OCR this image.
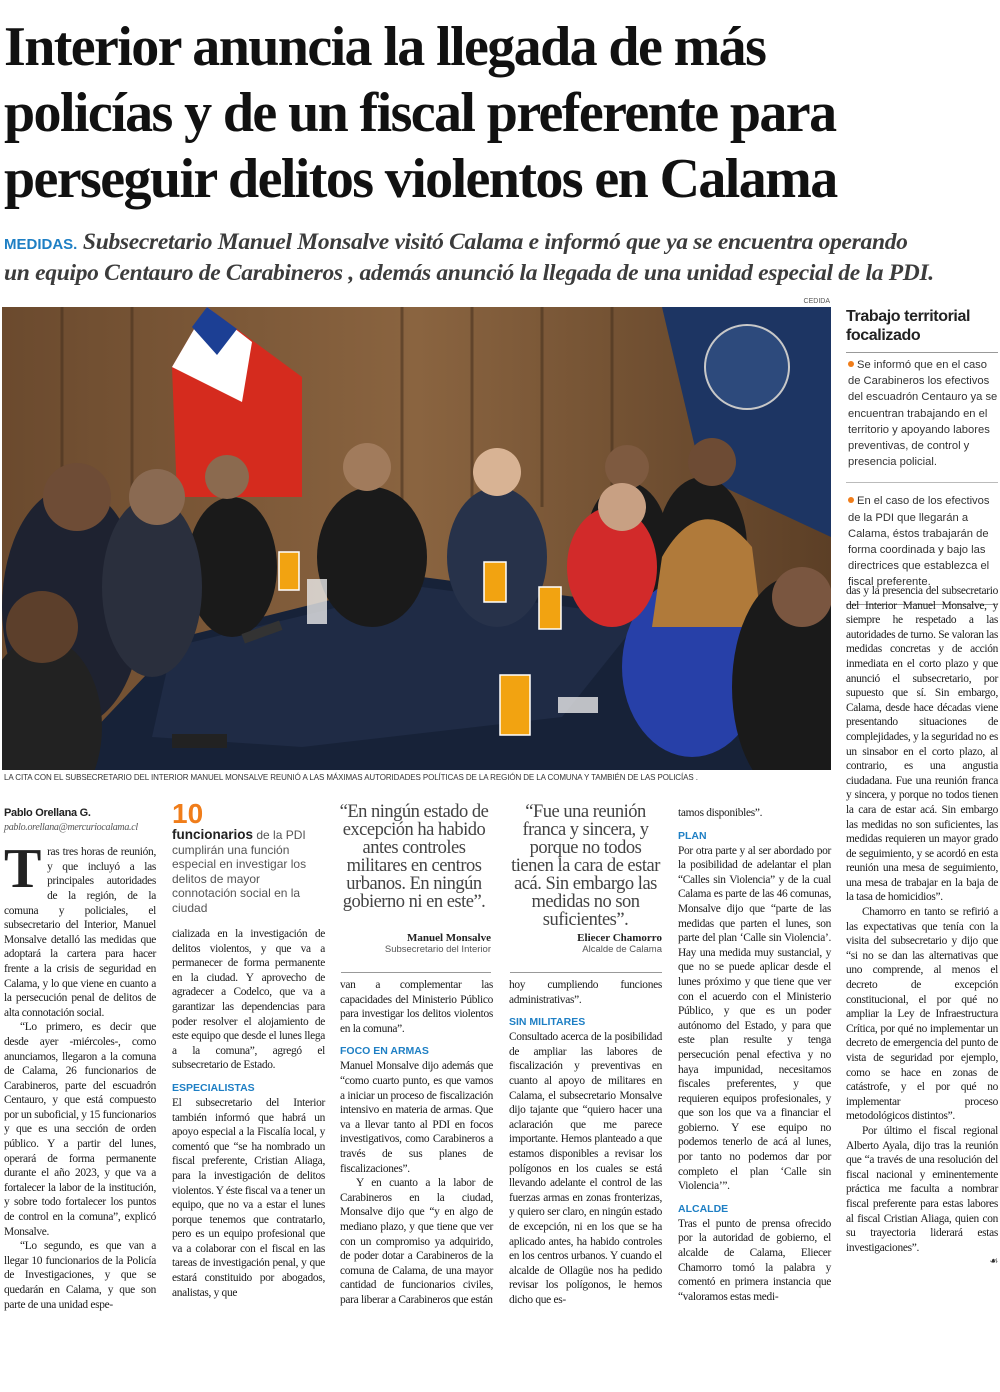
Interior anuncia la llegada de más
policías y de un fiscal preferente para
perseguir delitos violentos en Calama
MEDIDAS. Subsecretario Manuel Monsalve visitó Calama e informó que ya se encuentra operando
un equipo Centauro de Carabineros , además anunció la llegada de una unidad especial de la PDI.
CEDIDA
LA CITA CON EL SUBSECRETARIO DEL INTERIOR MANUEL MONSALVE REUNIÓ A LAS MÁXIMAS AUTORIDADES POLÍTICAS DE LA REGIÓN DE LA COMUNA Y TAMBIÉN DE LAS POLICÍAS .
Trabajo territorial focalizado
Se informó que en el caso de Carabineros los efectivos del escuadrón Centauro ya se encuentran trabajando en el territorio y apoyando labores preventivas, de control y presencia policial.
En el caso de los efectivos de la PDI que llegarán a Calama, éstos trabajarán de forma coordinada y bajo las directrices que establezca el fiscal preferente.
Pablo Orellana G.
pablo.orellana@mercuriocalama.cl

Tras tres horas de reunión, y que incluyó a las principales autoridades de la región, de la comuna y policiales, el subsecretario del Interior, Manuel Monsalve detalló las medidas que adoptará la cartera para hacer frente a la crisis de seguridad en Calama, y lo que viene en cuanto a la persecución penal de delitos de alta connotación social.

“Lo primero, es decir que desde ayer -miércoles-, como anunciamos, llegaron a la comuna de Calama, 26 funcionarios de Carabineros, parte del escuadrón Centauro, y que está compuesto por un suboficial, y 15 funcionarios y que es una sección de orden público. Y a partir del lunes, operará de forma permanente durante el año 2023, y que va a fortalecer la labor de la institución, y sobre todo fortalecer los puntos de control en la comuna”, explicó Monsalve.

“Lo segundo, es que van a llegar 10 funcionarios de la Policía de Investigaciones, y que se quedarán en Calama, y que son parte de una unidad espe-

10
funcionarios de la PDI cumplirán una función especial en investigar los delitos de mayor connotación social en la ciudad

cializada en la investigación de delitos violentos, y que va a permanecer de forma permanente en la ciudad. Y aprovecho de agradecer a Codelco, que va a garantizar las dependencias para poder resolver el alojamiento de este equipo que desde el lunes llega a la comuna”, agregó el subsecretario de Estado.

ESPECIALISTAS

El subsecretario del Interior también informó que habrá un apoyo especial a la Fiscalía local, y comentó que “se ha nombrado un fiscal preferente, Cristian Aliaga, para la investigación de delitos violentos. Y éste fiscal va a tener un equipo, que no va a estar el lunes porque tenemos que contratarlo, pero es un equipo profesional que va a colaborar con el fiscal en las tareas de investigación penal, y que estará constituido por abogados, analistas, y que

“En ningún estado de excepción ha habido antes controles militares en centros urbanos. En ningún gobierno ni en este”.
Manuel Monsalve
Subsecretario del Interior

van a complementar las capacidades del Ministerio Público para investigar los delitos violentos en la comuna”.

FOCO EN ARMAS

Manuel Monsalve dijo además que “como cuarto punto, es que vamos a iniciar un proceso de fiscalización intensivo en materia de armas. Que va a llevar tanto al PDI en focos investigativos, como Carabineros a través de sus planes de fiscalizaciones”.

Y en cuanto a la labor de Carabineros en la ciudad, Monsalve dijo que “y en algo de mediano plazo, y que tiene que ver con un compromiso ya adquirido, de poder dotar a Carabineros de la comuna de Calama, de una mayor cantidad de funcionarios civiles, para liberar a Carabineros que están

“Fue una reunión franca y sincera, y porque no todos tienen la cara de estar acá. Sin embargo las medidas no son suficientes”.
Eliecer Chamorro
Alcalde de Calama

hoy cumpliendo funciones administrativas”.

SIN MILITARES

Consultado acerca de la posibilidad de ampliar las labores de fiscalización y preventivas en cuanto al apoyo de militares en Calama, el subsecretario Monsalve dijo tajante que “quiero hacer una aclaración que me parece importante. Hemos planteado a que estamos disponibles a revisar los polígonos en los cuales se está llevando adelante el control de las fuerzas armas en zonas fronterizas, y quiero ser claro, en ningún estado de excepción, ni en los que se ha aplicado antes, ha habido controles en los centros urbanos. Y cuando el alcalde de Ollagüe nos ha pedido revisar los polígonos, le hemos dicho que es-

tamos disponibles”.

PLAN

Por otra parte y al ser abordado por la posibilidad de adelantar el plan “Calles sin Violencia” y de la cual Calama es parte de las 46 comunas, Monsalve dijo que “parte de las medidas que parten el lunes, son parte del plan ‘Calle sin Violencia’. Hay una medida muy sustancial, y que no se puede aplicar desde el lunes próximo y que tiene que ver con el acuerdo con el Ministerio Público, y que es un poder autónomo del Estado, y para que este plan resulte y tenga persecución penal efectiva y no haya impunidad, necesitamos fiscales preferentes, y que requieren equipos profesionales, y que son los que va a financiar el gobierno. Y ese equipo no podemos tenerlo de acá al lunes, por tanto no podemos dar por completo el plan ‘Calle sin Violencia’”.

ALCALDE

Tras el punto de prensa ofrecido por la autoridad de gobierno, el alcalde de Calama, Eliecer Chamorro tomó la palabra y comentó en primera instancia que “valoramos estas medi-

das y la presencia del subsecretario del Interior Manuel Monsalve, y siempre he respetado a las autoridades de turno. Se valoran las medidas concretas y de acción inmediata en el corto plazo y que anunció el subsecretario, por supuesto que sí. Sin embargo, Calama, desde hace décadas viene presentando situaciones de complejidades, y la seguridad no es un sinsabor en el corto plazo, al contrario, es una angustia ciudadana. Fue una reunión franca y sincera, y porque no todos tienen la cara de estar acá. Sin embargo las medidas no son suficientes, las medidas requieren un mayor grado de seguimiento, y se acordó en esta reunión una mesa de seguimiento, una mesa de trabajar en la baja de la tasa de homicidios”.

Chamorro en tanto se refirió a las expectativas que tenía con la visita del subsecretario y dijo que “si no se dan las alternativas que uno comprende, al menos el decreto de excepción constitucional, el por qué no ampliar la Ley de Infraestructura Crítica, por qué no implementar un decreto de emergencia del punto de vista de seguridad por ejemplo, como se hace en zonas de catástrofe, y el por qué no implementar proceso metodológicos distintos”.

Por último el fiscal regional Alberto Ayala, dijo tras la reunión que “a través de una resolución del fiscal nacional y eminentemente práctica me faculta a nombrar fiscal preferente para estas labores al fiscal Cristian Aliaga, quien con su trayectoria liderará estas investigaciones”.

☙
